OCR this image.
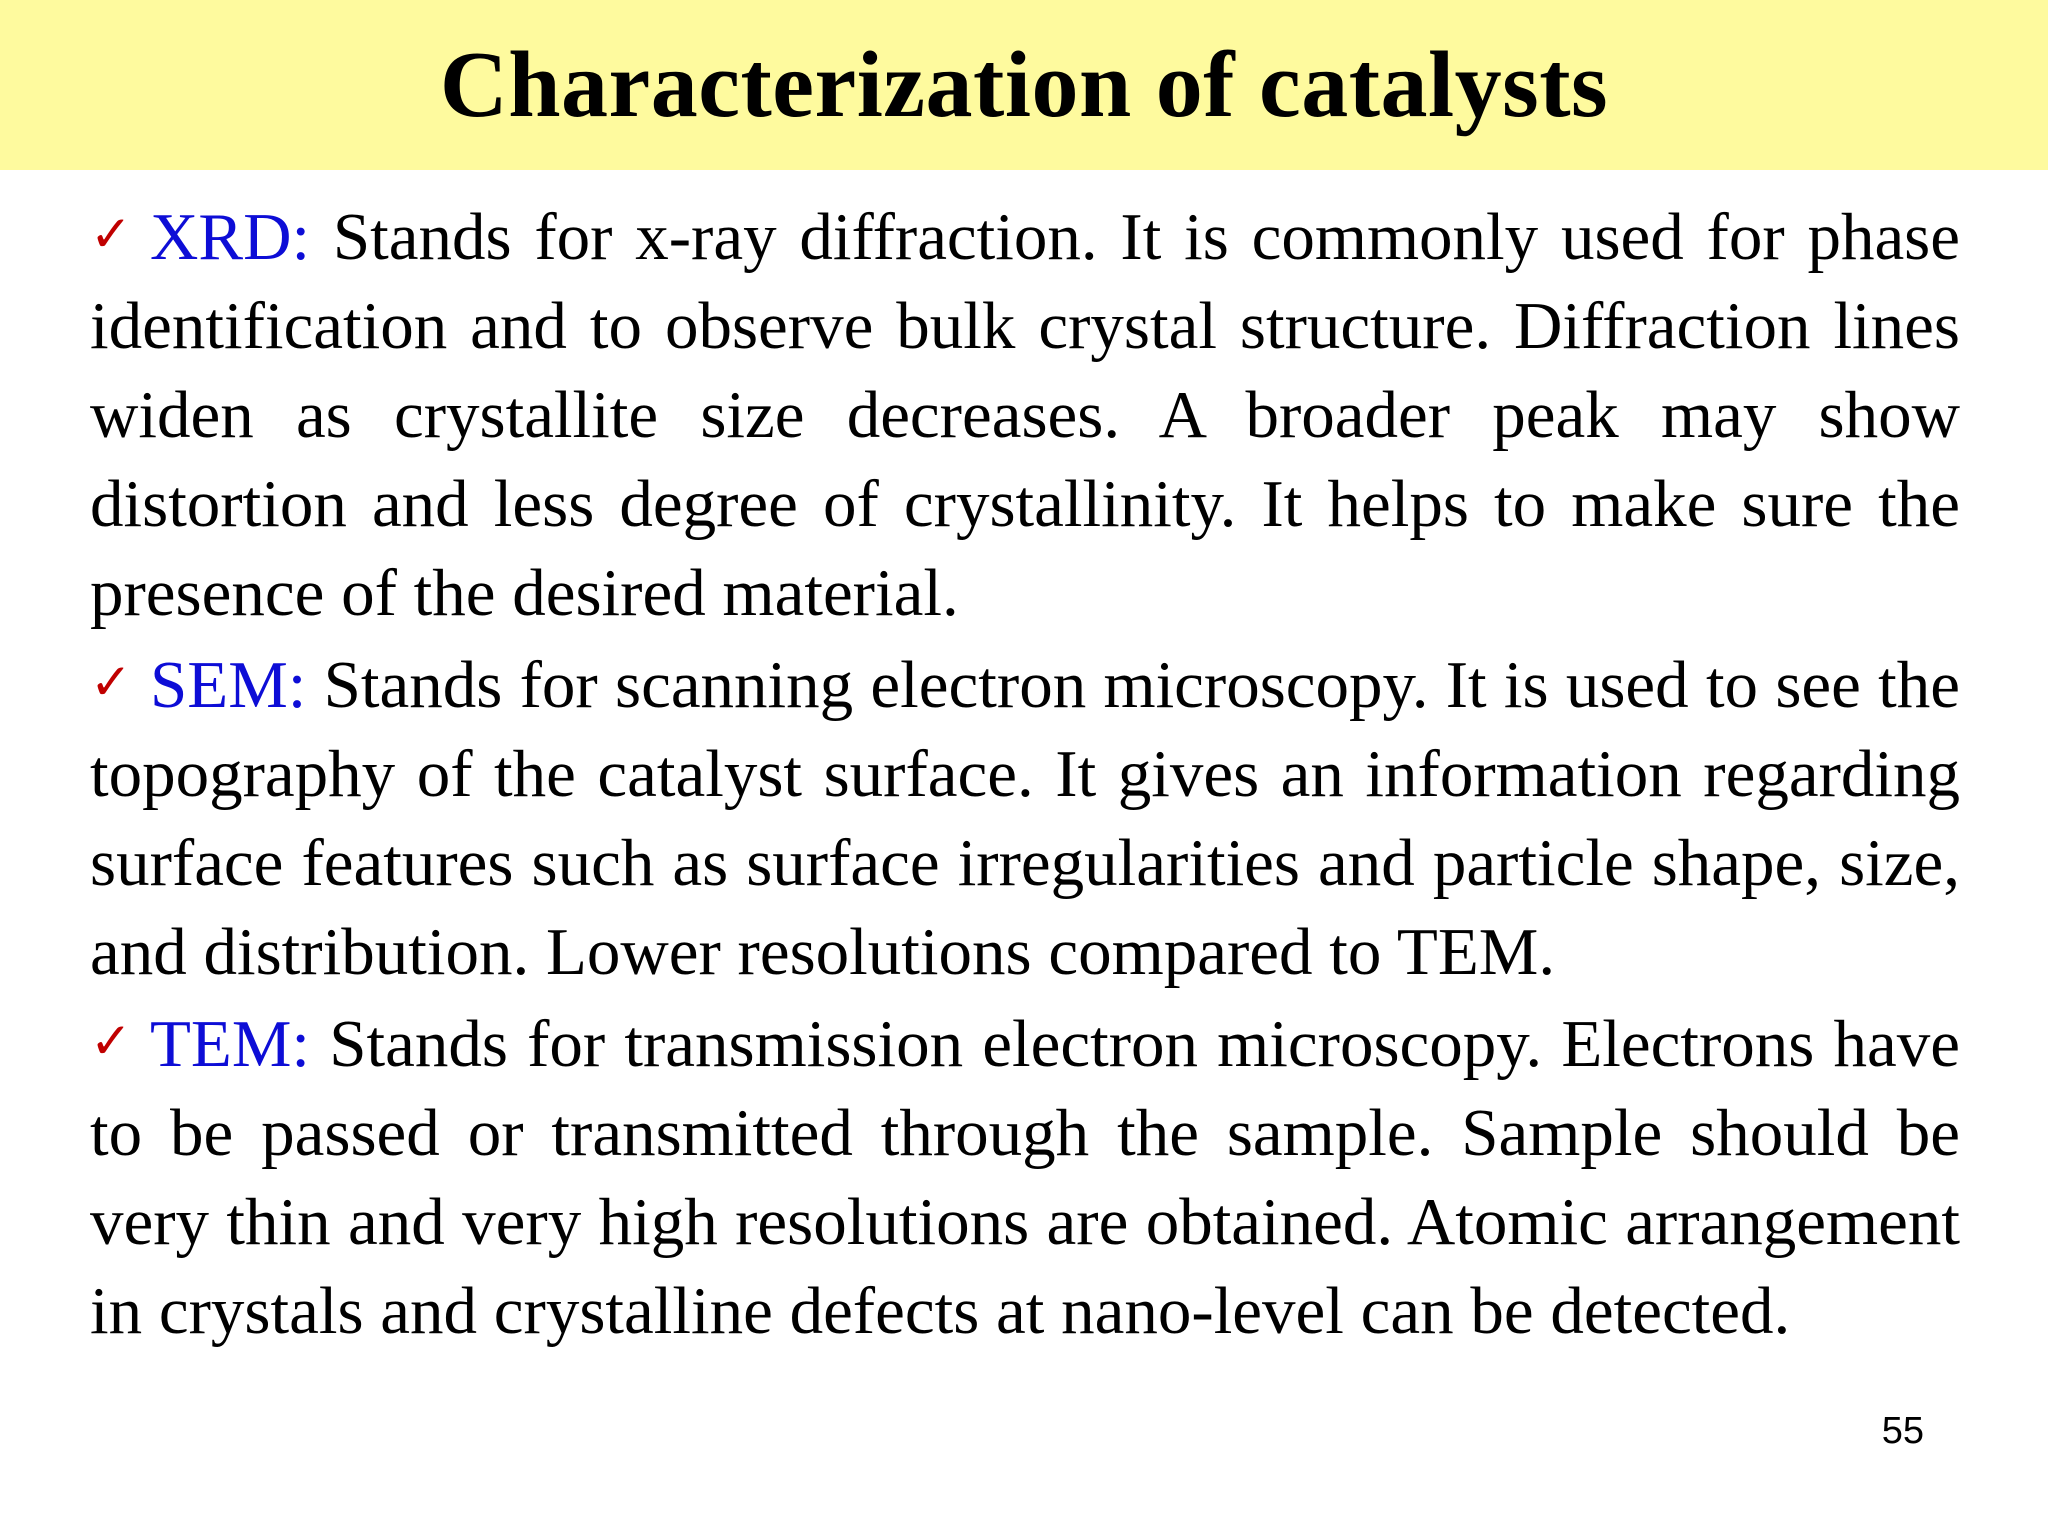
Characterization of catalysts

✓ XRD: Stands for x-ray diffraction. It is commonly used for phase identification and to observe bulk crystal structure. Diffraction lines widen as crystallite size decreases. A broader peak may show distortion and less degree of crystallinity. It helps to make sure the presence of the desired material.

✓ SEM: Stands for scanning electron microscopy. It is used to see the topography of the catalyst surface. It gives an information regarding surface features such as surface irregularities and particle shape, size, and distribution. Lower resolutions compared to TEM.

✓ TEM: Stands for transmission electron microscopy. Electrons have to be passed or transmitted through the sample. Sample should be very thin and very high resolutions are obtained. Atomic arrangement in crystals and crystalline defects at nano-level can be detected.

55
